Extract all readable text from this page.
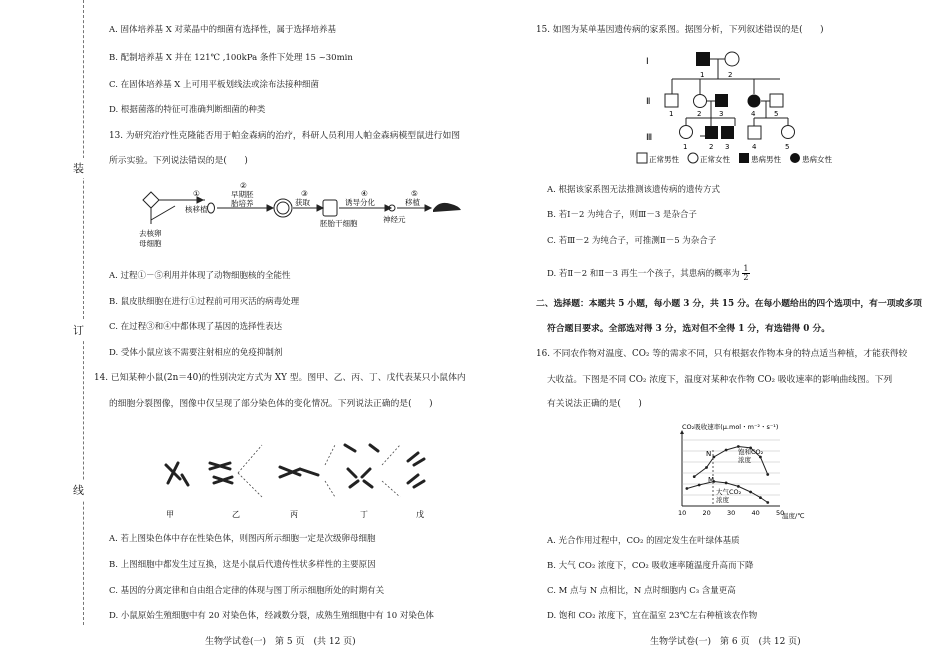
装
订
线
A. 固体培养基 X 对菜晶中的细菌有选择性，属于选择培养基
B. 配制培养基 X 并在 121℃ ,100kPa 条件下处理 15 ~30min
C. 在固体培养基 X 上可用平板划线法或涂布法接种细菌
D. 根据菌落的特征可准确判断细菌的种类
13. 为研究治疗性克隆能否用于帕金森病的治疗，科研人员利用人帕金森病模型鼠进行如图
所示实验。下列说法错误的是(　　)
去核卵
母细胞
①
核移植
②
早期胚
胎培养
③
获取
④
诱导分化
胚胎干细胞	神经元
⑤
移植
A. 过程①－⑤利用并体现了动物细胞核的全能性
B. 鼠皮肤细胞在进行①过程前可用灭活的病毒处理
C. 在过程③和④中都体现了基因的选择性表达
D. 受体小鼠应该不需要注射相应的免疫抑制剂
14. 已知某种小鼠(2n＝40)的性别决定方式为 XY 型。图甲、乙、丙、丁、戊代表某只小鼠体内
的细胞分裂图像，图像中仅呈现了部分染色体的变化情况。下列说法正确的是(　　)
甲	乙	丙	丁	戊
A. 若上图染色体中存在性染色体，则图丙所示细胞一定是次级卵母细胞
B. 上图细胞中都发生过互换，这是小鼠后代遗传性状多样性的主要原因
C. 基因的分离定律和自由组合定律的体现与图丁所示细胞所处的时期有关
D. 小鼠原始生殖细胞中有 20 对染色体，经减数分裂，成熟生殖细胞中有 10 对染色体
生物学试卷(一)　第 5 页　(共 12 页)
15. 如图为某单基因遗传病的家系图。据图分析，下列叙述错误的是(　　)
Ⅰ
Ⅱ
Ⅲ
1	2
1	2	3	4	5
1	2 3	4	5
正常男性	正常女性	患病男性	患病女性
A. 根据该家系图无法推测该遗传病的遗传方式
B. 若Ⅰ－2 为纯合子，则Ⅲ－3 是杂合子
C. 若Ⅲ－2 为纯合子，可推测Ⅱ－5 为杂合子
D. 若Ⅱ－2 和Ⅱ－3 再生一个孩子，其患病的概率为 $\frac{1}{2}$
二、选择题：本题共 5 小题，每小题 3 分，共 15 分。在每小题给出的四个选项中，有一项或多项
符合题目要求。全部选对得 3 分，选对但不全得 1 分，有选错得 0 分。
16. 不同农作物对温度、CO₂ 等的需求不同，只有根据农作物本身的特点适当种植，才能获得较
大收益。下图是不同 CO₂ 浓度下，温度对某种农作物 CO₂ 吸收速率的影响曲线图。下列
有关说法正确的是(　　)
CO₂吸收速率(μ.mol・m⁻²・s⁻¹)
10 20 30 40 50
N
M
饱和CO₂
浓度
大气CO₂
浓度
温度/℃
A. 光合作用过程中，CO₂ 的固定发生在叶绿体基质
B. 大气 CO₂ 浓度下，CO₂ 吸收速率随温度升高而下降
C. M 点与 N 点相比，N 点时细胞内 C₃ 含量更高
D. 饱和 CO₂ 浓度下，宜在温室 23℃左右种植该农作物
生物学试卷(一)　第 6 页　(共 12 页)
